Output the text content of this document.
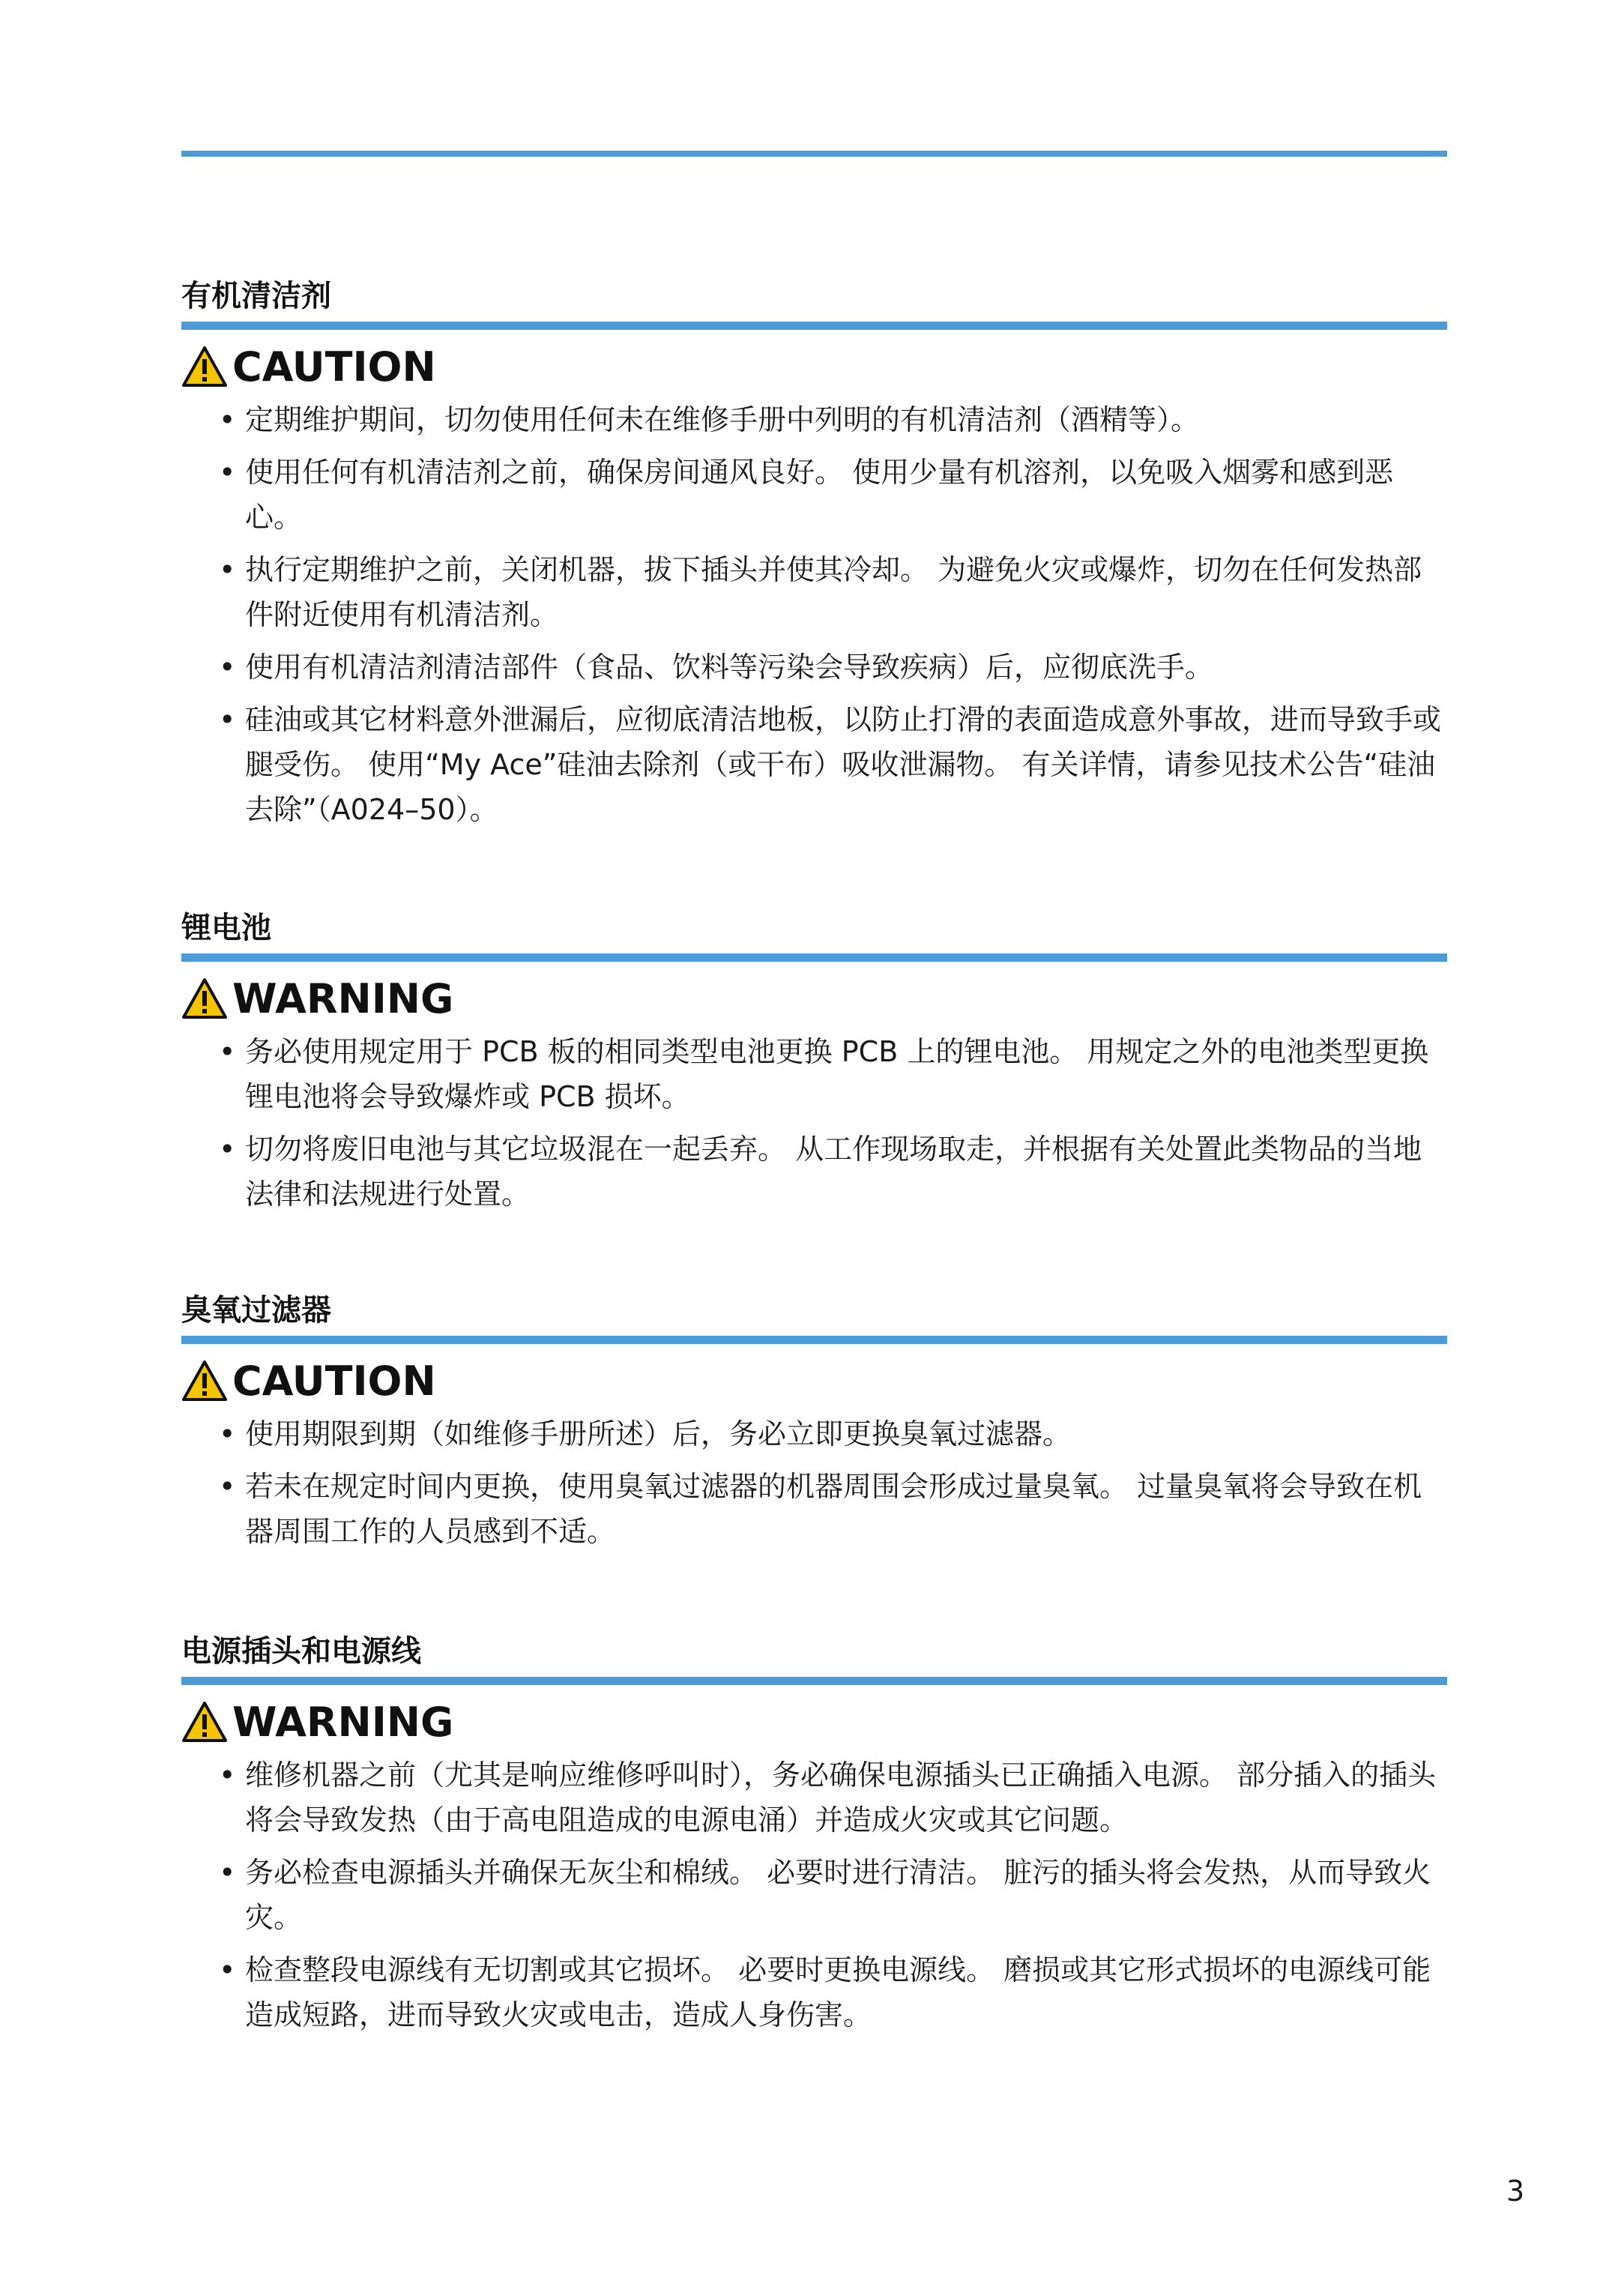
有机清洁剂
CAUTION
• 定期维护期间，切勿使用任何未在维修手册中列明的有机清洁剂（酒精等）。
• 使用任何有机清洁剂之前，确保房间通风良好。 使用少量有机溶剂，以免吸入烟雾和感到恶心。
• 执行定期维护之前，关闭机器，拔下插头并使其冷却。 为避免火灾或爆炸，切勿在任何发热部件附近使用有机清洁剂。
• 使用有机清洁剂清洁部件（食品、饮料等污染会导致疾病）后，应彻底洗手。
• 硅油或其它材料意外泄漏后，应彻底清洁地板，以防止打滑的表面造成意外事故，进而导致手或腿受伤。 使用“My Ace”硅油去除剂（或干布）吸收泄漏物。 有关详情，请参见技术公告“硅油去除”（A024–50）。
锂电池
WARNING
• 务必使用规定用于 PCB 板的相同类型电池更换 PCB 上的锂电池。 用规定之外的电池类型更换锂电池将会导致爆炸或 PCB 损坏。
• 切勿将废旧电池与其它垃圾混在一起丢弃。 从工作现场取走，并根据有关处置此类物品的当地法律和法规进行处置。
臭氧过滤器
CAUTION
• 使用期限到期（如维修手册所述）后，务必立即更换臭氧过滤器。
• 若未在规定时间内更换，使用臭氧过滤器的机器周围会形成过量臭氧。 过量臭氧将会导致在机器周围工作的人员感到不适。
电源插头和电源线
WARNING
• 维修机器之前（尤其是响应维修呼叫时），务必确保电源插头已正确插入电源。 部分插入的插头将会导致发热（由于高电阻造成的电源电涌）并造成火灾或其它问题。
• 务必检查电源插头并确保无灰尘和棉绒。 必要时进行清洁。 脏污的插头将会发热，从而导致火灾。
• 检查整段电源线有无切割或其它损坏。 必要时更换电源线。 磨损或其它形式损坏的电源线可能造成短路，进而导致火灾或电击，造成人身伤害。
3
